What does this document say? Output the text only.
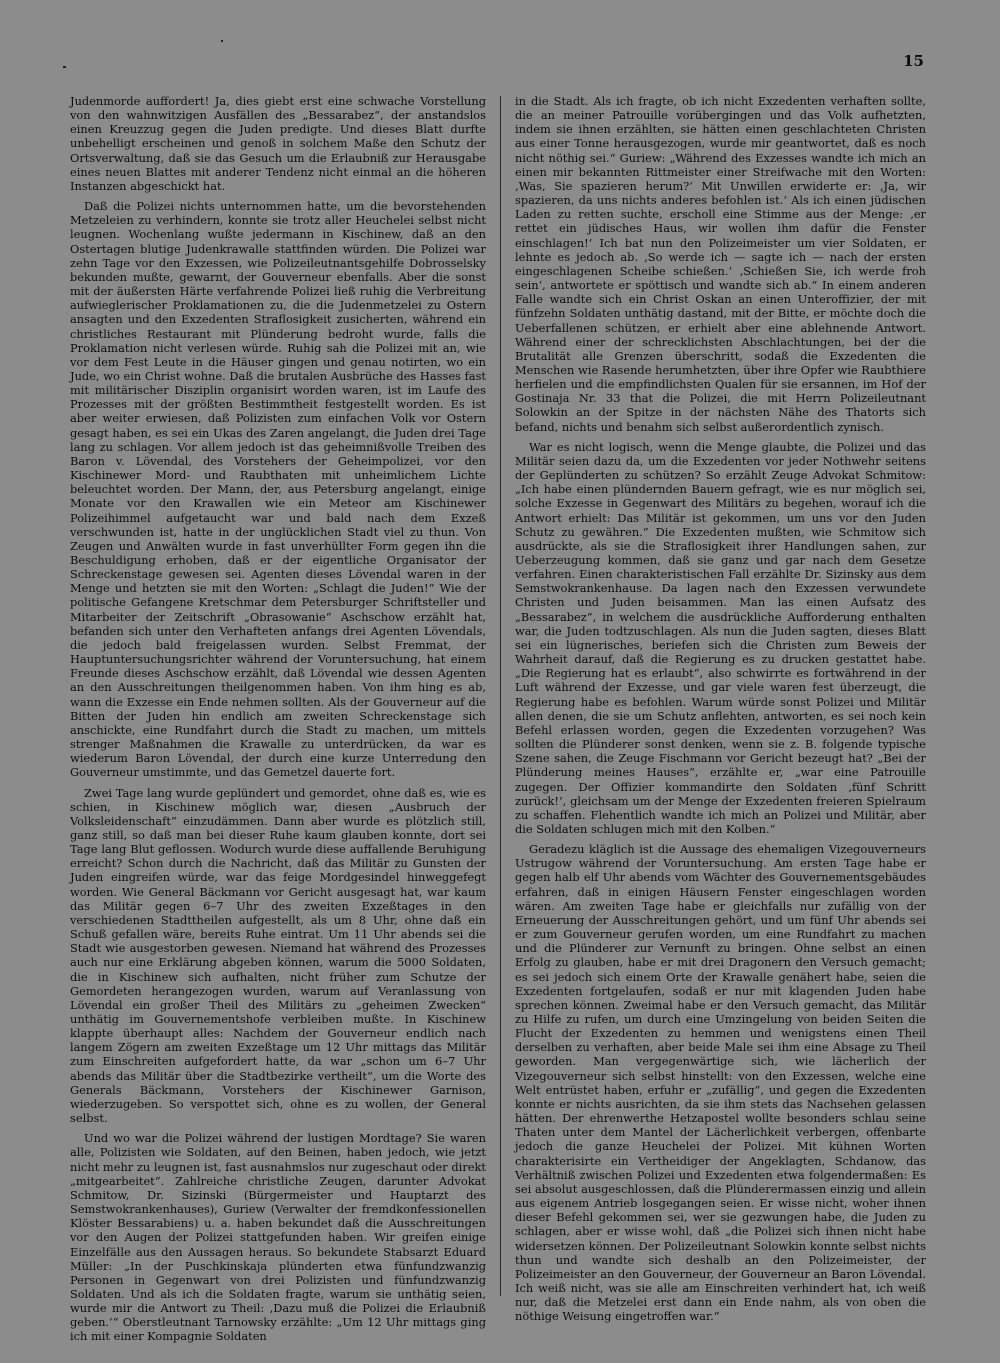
15

Judenmorde auffordert! Ja, dies giebt erst eine schwache Vorstellung von den wahnwitzigen Ausfällen des „Bessarabez“, der anstandslos einen Kreuzzug gegen die Juden predigte. Und dieses Blatt durfte unbehelligt erscheinen und genoß in solchem Maße den Schutz der Ortsverwaltung, daß sie das Gesuch um die Erlaubniß zur Herausgabe eines neuen Blattes mit anderer Tendenz nicht einmal an die höheren Instanzen abgeschickt hat.

Daß die Polizei nichts unternommen hatte, um die bevorstehenden Metzeleien zu verhindern, konnte sie trotz aller Heuchelei selbst nicht leugnen. Wochenlang wußte jedermann in Kischinew, daß an den Ostertagen blutige Judenkrawalle stattfinden würden. Die Polizei war zehn Tage vor den Exzessen, wie Polizeileutnantsgehilfe Dobrosselsky bekunden mußte, gewarnt, der Gouverneur ebenfalls. Aber die sonst mit der äußersten Härte verfahrende Polizei ließ ruhig die Verbreitung aufwieglerischer Proklamationen zu, die die Judenmetzelei zu Ostern ansagten und den Exzedenten Straflosigkeit zusicherten, während ein christliches Restaurant mit Plünderung bedroht wurde, falls die Proklamation nicht verlesen würde. Ruhig sah die Polizei mit an, wie vor dem Fest Leute in die Häuser gingen und genau notirten, wo ein Jude, wo ein Christ wohne. Daß die brutalen Ausbrüche des Hasses fast mit militärischer Disziplin organisirt worden waren, ist im Laufe des Prozesses mit der größten Bestimmtheit festgestellt worden. Es ist aber weiter erwiesen, daß Polizisten zum einfachen Volk vor Ostern gesagt haben, es sei ein Ukas des Zaren angelangt, die Juden drei Tage lang zu schlagen. Vor allem jedoch ist das geheimnißvolle Treiben des Baron v. Lövendal, des Vorstehers der Geheimpolizei, vor den Kischinewer Mord- und Raubthaten mit unheimlichem Lichte beleuchtet worden. Der Mann, der, aus Petersburg angelangt, einige Monate vor den Krawallen wie ein Meteor am Kischinewer Polizeihimmel aufgetaucht war und bald nach dem Exzeß verschwunden ist, hatte in der unglücklichen Stadt viel zu thun. Von Zeugen und Anwälten wurde in fast unverhüllter Form gegen ihn die Beschuldigung erhoben, daß er der eigentliche Organisator der Schreckenstage gewesen sei. Agenten dieses Lövendal waren in der Menge und hetzten sie mit den Worten: „Schlagt die Juden!“ Wie der politische Gefangene Kretschmar dem Petersburger Schriftsteller und Mitarbeiter der Zeitschrift „Obrasowanie“ Aschschow erzählt hat, befanden sich unter den Verhafteten anfangs drei Agenten Lövendals, die jedoch bald freigelassen wurden. Selbst Fremmat, der Hauptuntersuchungsrichter während der Voruntersuchung, hat einem Freunde dieses Aschschow erzählt, daß Lövendal wie dessen Agenten an den Ausschreitungen theilgenommen haben. Von ihm hing es ab, wann die Exzesse ein Ende nehmen sollten. Als der Gouverneur auf die Bitten der Juden hin endlich am zweiten Schreckenstage sich anschickte, eine Rundfahrt durch die Stadt zu machen, um mittels strenger Maßnahmen die Krawalle zu unterdrücken, da war es wiederum Baron Lövendal, der durch eine kurze Unterredung den Gouverneur umstimmte, und das Gemetzel dauerte fort.

Zwei Tage lang wurde geplündert und gemordet, ohne daß es, wie es schien, in Kischinew möglich war, diesen „Ausbruch der Volksleidenschaft“ einzudämmen. Dann aber wurde es plötzlich still, ganz still, so daß man bei dieser Ruhe kaum glauben konnte, dort sei Tage lang Blut geflossen. Wodurch wurde diese auffallende Beruhigung erreicht? Schon durch die Nachricht, daß das Militär zu Gunsten der Juden eingreifen würde, war das feige Mordgesindel hinweggefegt worden. Wie General Bäckmann vor Gericht ausgesagt hat, war kaum das Militär gegen 6–7 Uhr des zweiten Exzeßtages in den verschiedenen Stadttheilen aufgestellt, als um 8 Uhr, ohne daß ein Schuß gefallen wäre, bereits Ruhe eintrat. Um 11 Uhr abends sei die Stadt wie ausgestorben gewesen. Niemand hat während des Prozesses auch nur eine Erklärung abgeben können, warum die 5000 Soldaten, die in Kischinew sich aufhalten, nicht früher zum Schutze der Gemordeten herangezogen wurden, warum auf Veranlassung von Lövendal ein großer Theil des Militärs zu „geheimen Zwecken“ unthätig im Gouvernementshofe verbleiben mußte. In Kischinew klappte überhaupt alles: Nachdem der Gouverneur endlich nach langem Zögern am zweiten Exzeßtage um 12 Uhr mittags das Militär zum Einschreiten aufgefordert hatte, da war „schon um 6–7 Uhr abends das Militär über die Stadtbezirke vertheilt“, um die Worte des Generals Bäckmann, Vorstehers der Kischinewer Garnison, wiederzugeben. So verspottet sich, ohne es zu wollen, der General selbst.

Und wo war die Polizei während der lustigen Mordtage? Sie waren alle, Polizisten wie Soldaten, auf den Beinen, haben jedoch, wie jetzt nicht mehr zu leugnen ist, fast ausnahmslos nur zugeschaut oder direkt „mitgearbeitet“. Zahlreiche christliche Zeugen, darunter Advokat Schmitow, Dr. Sizinski (Bürgermeister und Hauptarzt des Semstwokrankenhauses), Guriew (Verwalter der fremdkonfessionellen Klöster Bessarabiens) u. a. haben bekundet daß die Ausschreitungen vor den Augen der Polizei stattgefunden haben. Wir greifen einige Einzelfälle aus den Aussagen heraus. So bekundete Stabsarzt Eduard Müller: „In der Puschkinskaja plünderten etwa fünfundzwanzig Personen in Gegenwart von drei Polizisten und fünfundzwanzig Soldaten. Und als ich die Soldaten fragte, warum sie unthätig seien, wurde mir die Antwort zu Theil: ‚Dazu muß die Polizei die Erlaubniß geben.‘“ Oberstleutnant Tarnowsky erzählte: „Um 12 Uhr mittags ging ich mit einer Kompagnie Soldaten

in die Stadt. Als ich fragte, ob ich nicht Exzedenten verhaften sollte, die an meiner Patrouille vorübergingen und das Volk aufhetzten, indem sie ihnen erzählten, sie hätten einen geschlachteten Christen aus einer Tonne herausgezogen, wurde mir geantwortet, daß es noch nicht nöthig sei.“ Guriew: „Während des Exzesses wandte ich mich an einen mir bekannten Rittmeister einer Streifwache mit den Worten: ‚Was, Sie spazieren herum?‘ Mit Unwillen erwiderte er: ‚Ja, wir spazieren, da uns nichts anderes befohlen ist.‘ Als ich einen jüdischen Laden zu retten suchte, erscholl eine Stimme aus der Menge: ‚er rettet ein jüdisches Haus, wir wollen ihm dafür die Fenster einschlagen!‘ Ich bat nun den Polizeimeister um vier Soldaten, er lehnte es jedoch ab. ‚So werde ich — sagte ich — nach der ersten eingeschlagenen Scheibe schießen.‘ ‚Schießen Sie, ich werde froh sein‘, antwortete er spöttisch und wandte sich ab.“ In einem anderen Falle wandte sich ein Christ Oskan an einen Unteroffizier, der mit fünfzehn Soldaten unthätig dastand, mit der Bitte, er möchte doch die Ueberfallenen schützen, er erhielt aber eine ablehnende Antwort. Während einer der schrecklichsten Abschlachtungen, bei der die Brutalität alle Grenzen überschritt, sodaß die Exzedenten die Menschen wie Rasende herumhetzten, über ihre Opfer wie Raubthiere herfielen und die empfindlichsten Qualen für sie ersannen, im Hof der Gostinaja Nr. 33 that die Polizei, die mit Herrn Polizeileutnant Solowkin an der Spitze in der nächsten Nähe des Thatorts sich befand, nichts und benahm sich selbst außerordentlich zynisch.

War es nicht logisch, wenn die Menge glaubte, die Polizei und das Militär seien dazu da, um die Exzedenten vor jeder Nothwehr seitens der Geplünderten zu schützen? So erzählt Zeuge Advokat Schmitow: „Ich habe einen plündernden Bauern gefragt, wie es nur möglich sei, solche Exzesse in Gegenwart des Militärs zu begehen, worauf ich die Antwort erhielt: Das Militär ist gekommen, um uns vor den Juden Schutz zu gewähren.“ Die Exzedenten mußten, wie Schmitow sich ausdrückte, als sie die Straflosigkeit ihrer Handlungen sahen, zur Ueberzeugung kommen, daß sie ganz und gar nach dem Gesetze verfahren. Einen charakteristischen Fall erzählte Dr. Sizinsky aus dem Semstwokrankenhause. Da lagen nach den Exzessen verwundete Christen und Juden beisammen. Man las einen Aufsatz des „Bessarabez“, in welchem die ausdrückliche Aufforderung enthalten war, die Juden todtzuschlagen. Als nun die Juden sagten, dieses Blatt sei ein lügnerisches, beriefen sich die Christen zum Beweis der Wahrheit darauf, daß die Regierung es zu drucken gestattet habe. „Die Regierung hat es erlaubt“, also schwirrte es fortwährend in der Luft während der Exzesse, und gar viele waren fest überzeugt, die Regierung habe es befohlen. Warum würde sonst Polizei und Militär allen denen, die sie um Schutz anflehten, antworten, es sei noch kein Befehl erlassen worden, gegen die Exzedenten vorzugehen? Was sollten die Plünderer sonst denken, wenn sie z. B. folgende typische Szene sahen, die Zeuge Fischmann vor Gericht bezeugt hat? „Bei der Plünderung meines Hauses“, erzählte er, „war eine Patrouille zugegen. Der Offizier kommandirte den Soldaten ‚fünf Schritt zurück!‘, gleichsam um der Menge der Exzedenten freieren Spielraum zu schaffen. Flehentlich wandte ich mich an Polizei und Militär, aber die Soldaten schlugen mich mit den Kolben.“

Geradezu kläglich ist die Aussage des ehemaligen Vizegouverneurs Ustrugow während der Voruntersuchung. Am ersten Tage habe er gegen halb elf Uhr abends vom Wächter des Gouvernementsgebäudes erfahren, daß in einigen Häusern Fenster eingeschlagen worden wären. Am zweiten Tage habe er gleichfalls nur zufällig von der Erneuerung der Ausschreitungen gehört, und um fünf Uhr abends sei er zum Gouverneur gerufen worden, um eine Rundfahrt zu machen und die Plünderer zur Vernunft zu bringen. Ohne selbst an einen Erfolg zu glauben, habe er mit drei Dragonern den Versuch gemacht; es sei jedoch sich einem Orte der Krawalle genähert habe, seien die Exzedenten fortgelaufen, sodaß er nur mit klagenden Juden habe sprechen können. Zweimal habe er den Versuch gemacht, das Militär zu Hilfe zu rufen, um durch eine Umzingelung von beiden Seiten die Flucht der Exzedenten zu hemmen und wenigstens einen Theil derselben zu verhaften, aber beide Male sei ihm eine Absage zu Theil geworden. Man vergegenwärtige sich, wie lächerlich der Vizegouverneur sich selbst hinstellt: von den Exzessen, welche eine Welt entrüstet haben, erfuhr er „zufällig“, und gegen die Exzedenten konnte er nichts ausrichten, da sie ihm stets das Nachsehen gelassen hätten. Der ehrenwerthe Hetzapostel wollte besonders schlau seine Thaten unter dem Mantel der Lächerlichkeit verbergen, offenbarte jedoch die ganze Heuchelei der Polizei. Mit kühnen Worten charakterisirte ein Vertheidiger der Angeklagten, Schdanow, das Verhältniß zwischen Polizei und Exzedenten etwa folgendermaßen: Es sei absolut ausgeschlossen, daß die Plünderermassen einzig und allein aus eigenem Antrieb losgegangen seien. Er wisse nicht, woher ihnen dieser Befehl gekommen sei, wer sie gezwungen habe, die Juden zu schlagen, aber er wisse wohl, daß „die Polizei sich ihnen nicht habe widersetzen können. Der Polizeileutnant Solowkin konnte selbst nichts thun und wandte sich deshalb an den Polizeimeister, der Polizeimeister an den Gouverneur, der Gouverneur an Baron Lövendal. Ich weiß nicht, was sie alle am Einschreiten verhindert hat, ich weiß nur, daß die Metzelei erst dann ein Ende nahm, als von oben die nöthige Weisung eingetroffen war.“
